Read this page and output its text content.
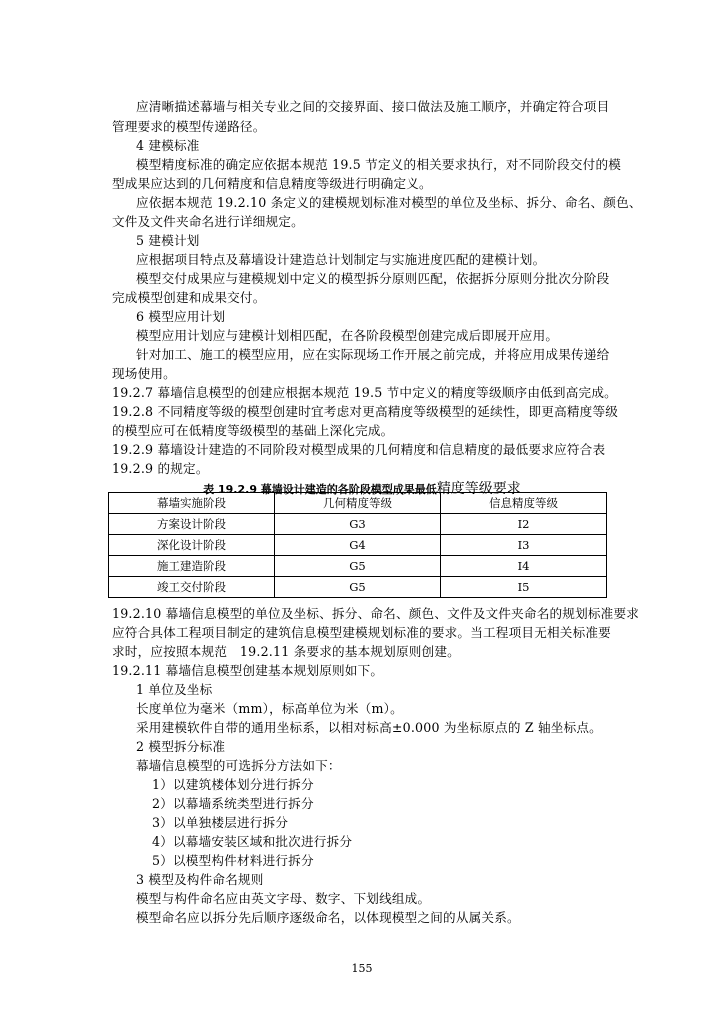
应清晰描述幕墙与相关专业之间的交接界面、接口做法及施工顺序，并确定符合项目
管理要求的模型传递路径。
4 建模标准
模型精度标准的确定应依据本规范 19.5 节定义的相关要求执行，对不同阶段交付的模
型成果应达到的几何精度和信息精度等级进行明确定义。
应依据本规范 19.2.10 条定义的建模规划标准对模型的单位及坐标、拆分、命名、颜色、
文件及文件夹命名进行详细规定。
5 建模计划
应根据项目特点及幕墙设计建造总计划制定与实施进度匹配的建模计划。
模型交付成果应与建模规划中定义的模型拆分原则匹配，依据拆分原则分批次分阶段
完成模型创建和成果交付。
6 模型应用计划
模型应用计划应与建模计划相匹配，在各阶段模型创建完成后即展开应用。
针对加工、施工的模型应用，应在实际现场工作开展之前完成，并将应用成果传递给
现场使用。
19.2.7 幕墙信息模型的创建应根据本规范 19.5 节中定义的精度等级顺序由低到高完成。
19.2.8 不同精度等级的模型创建时宜考虑对更高精度等级模型的延续性，即更高精度等级
的模型应可在低精度等级模型的基础上深化完成。
19.2.9 幕墙设计建造的不同阶段对模型成果的几何精度和信息精度的最低要求应符合表
19.2.9 的规定。
表 19.2.9 幕墙设计建造的各阶段模型成果最低精度等级要求
幕墙实施阶段	几何精度等级	信息精度等级
方案设计阶段	G3	I2
深化设计阶段	G4	I3
施工建造阶段	G5	I4
竣工交付阶段	G5	I5
19.2.10 幕墙信息模型的单位及坐标、拆分、命名、颜色、文件及文件夹命名的规划标准要求
应符合具体工程项目制定的建筑信息模型建模规划标准的要求。当工程项目无相关标准要
求时，应按照本规范　19.2.11 条要求的基本规划原则创建。
19.2.11 幕墙信息模型创建基本规划原则如下。
1 单位及坐标
长度单位为毫米（mm），标高单位为米（m）。
采用建模软件自带的通用坐标系，以相对标高±0.000 为坐标原点的 Z 轴坐标点。
2 模型拆分标准
幕墙信息模型的可选拆分方法如下：
1）以建筑楼体划分进行拆分
2）以幕墙系统类型进行拆分
3）以单独楼层进行拆分
4）以幕墙安装区域和批次进行拆分
5）以模型构件材料进行拆分
3 模型及构件命名规则
模型与构件命名应由英文字母、数字、下划线组成。
模型命名应以拆分先后顺序逐级命名，以体现模型之间的从属关系。
155
